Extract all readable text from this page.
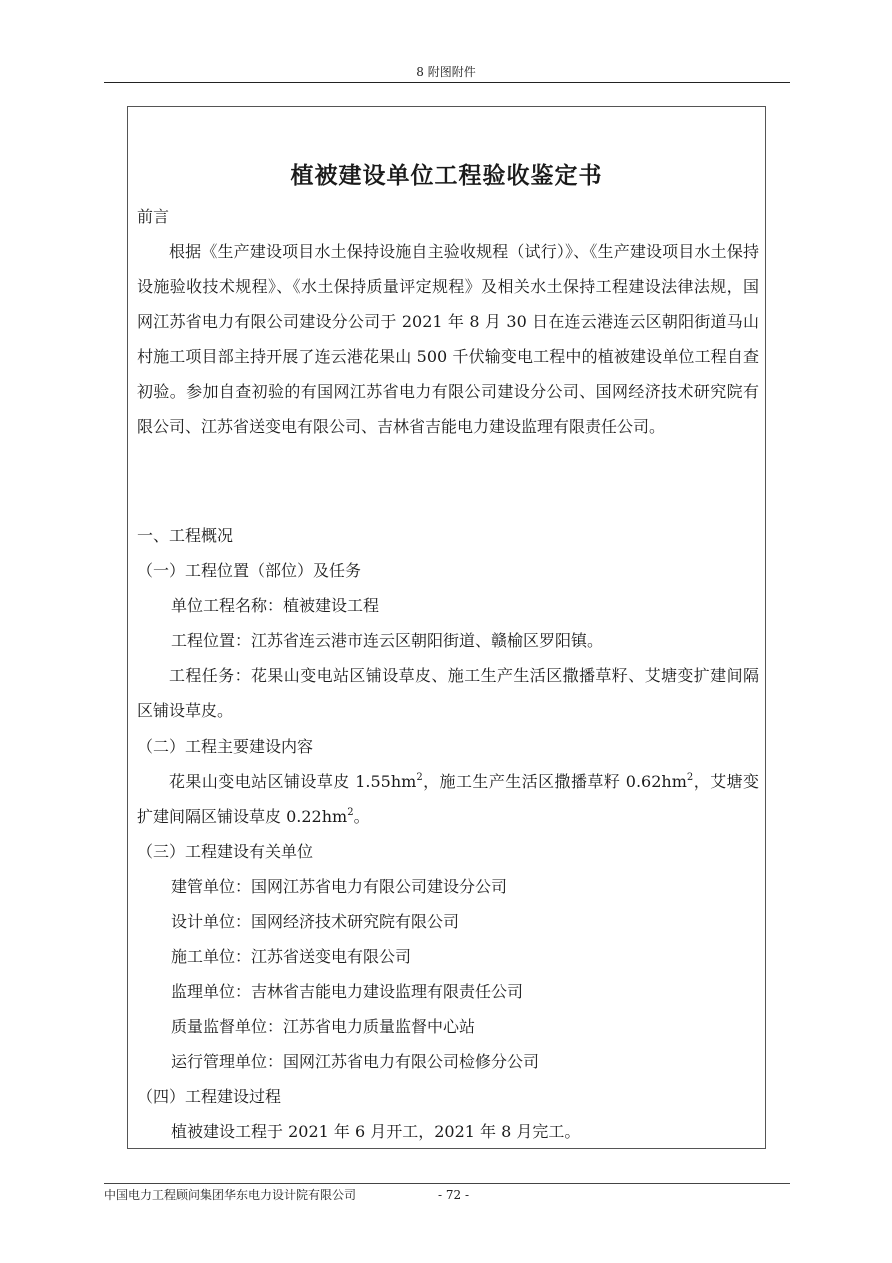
8 附图附件
植被建设单位工程验收鉴定书
前言
根据《生产建设项目水土保持设施自主验收规程（试行）》、《生产建设项目水土保持设施验收技术规程》、《水土保持质量评定规程》及相关水土保持工程建设法律法规，国网江苏省电力有限公司建设分公司于 2021 年 8 月 30 日在连云港连云区朝阳街道马山村施工项目部主持开展了连云港花果山 500 千伏输变电工程中的植被建设单位工程自查初验。参加自查初验的有国网江苏省电力有限公司建设分公司、国网经济技术研究院有限公司、江苏省送变电有限公司、吉林省吉能电力建设监理有限责任公司。
一、工程概况
（一）工程位置（部位）及任务
单位工程名称：植被建设工程
工程位置：江苏省连云港市连云区朝阳街道、赣榆区罗阳镇。
工程任务：花果山变电站区铺设草皮、施工生产生活区撒播草籽、艾塘变扩建间隔区铺设草皮。
（二）工程主要建设内容
花果山变电站区铺设草皮 $1.55hm^2$，施工生产生活区撒播草籽 $0.62hm^2$，艾塘变扩建间隔区铺设草皮 $0.22hm^2$。
（三）工程建设有关单位
建管单位：国网江苏省电力有限公司建设分公司
设计单位：国网经济技术研究院有限公司
施工单位：江苏省送变电有限公司
监理单位：吉林省吉能电力建设监理有限责任公司
质量监督单位：江苏省电力质量监督中心站
运行管理单位：国网江苏省电力有限公司检修分公司
（四）工程建设过程
植被建设工程于 2021 年 6 月开工，2021 年 8 月完工。
中国电力工程顾问集团华东电力设计院有限公司	- 72 -
